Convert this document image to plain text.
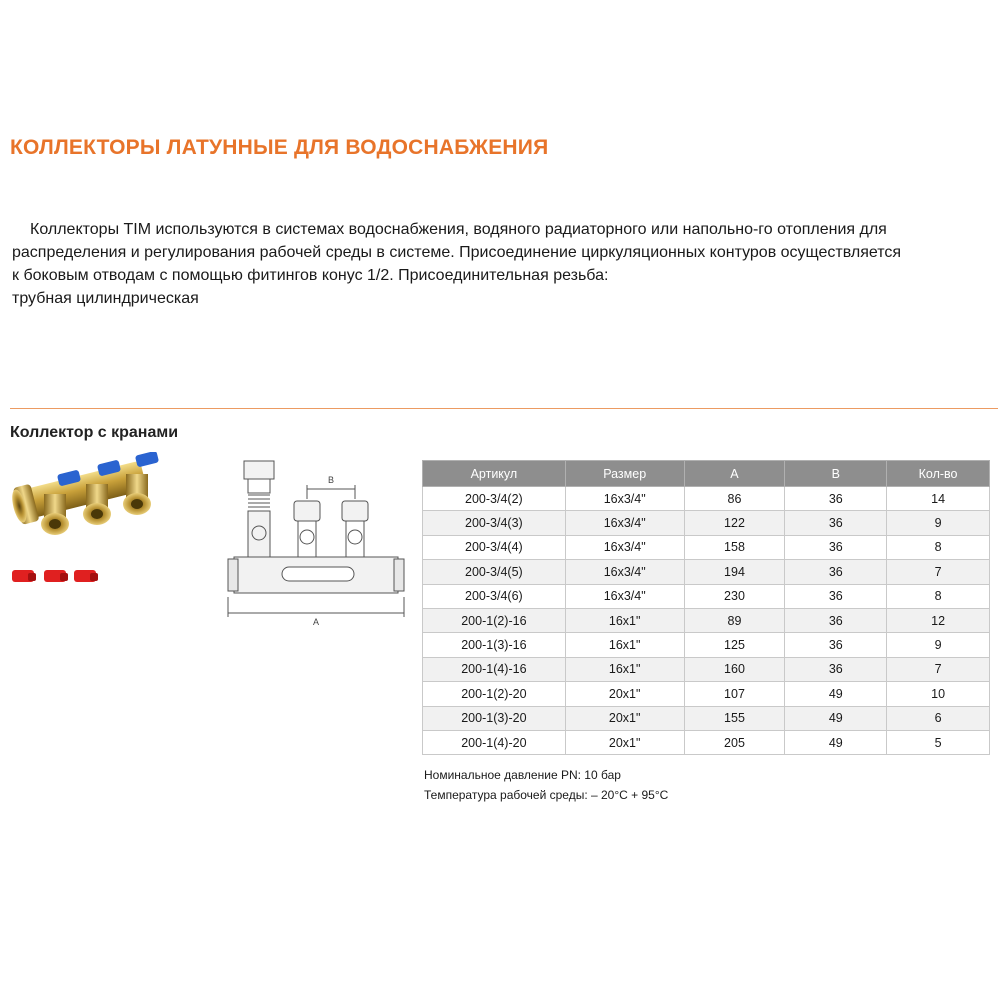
КОЛЛЕКТОРЫ ЛАТУННЫЕ ДЛЯ ВОДОСНАБЖЕНИЯ

Коллекторы TIM используются в системах водоснабжения, водяного радиаторного или напольно-го отопления для

распределения и регулирования рабочей среды в системе. Присоединение циркуляционных контуров осуществляется

к боковым отводам с помощью фитингов конус 1/2. Присоединительная резьба:

трубная цилиндрическая

Коллектор с кранами
B
A
Артикул	Размер	A	B	Кол-во
200-3/4(2)	16x3/4"	86	36	14
200-3/4(3)	16x3/4"	122	36	9
200-3/4(4)	16x3/4"	158	36	8
200-3/4(5)	16x3/4"	194	36	7
200-3/4(6)	16x3/4"	230	36	8
200-1(2)-16	16x1"	89	36	12
200-1(3)-16	16x1"	125	36	9
200-1(4)-16	16x1"	160	36	7
200-1(2)-20	20x1"	107	49	10
200-1(3)-20	20x1"	155	49	6
200-1(4)-20	20x1"	205	49	5
Номинальное давление PN: 10 бар
Температура рабочей среды: – 20°С + 95°С
